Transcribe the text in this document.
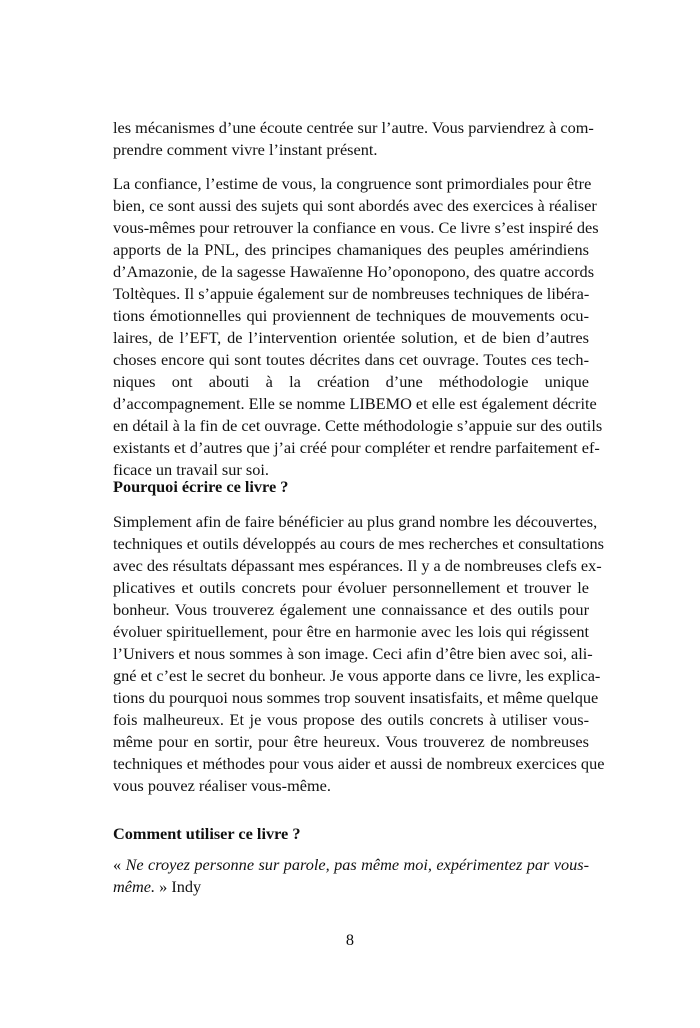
les mécanismes d’une écoute centrée sur l’autre. Vous parviendrez à com-
prendre comment vivre l’instant présent.
La confiance, l’estime de vous, la congruence sont primordiales pour être
bien, ce sont aussi des sujets qui sont abordés avec des exercices à réaliser
vous-mêmes pour retrouver la confiance en vous. Ce livre s’est inspiré des
apports de la PNL, des principes chamaniques des peuples amérindiens
d’Amazonie, de la sagesse Hawaïenne Ho’oponopono, des quatre accords
Toltèques. Il s’appuie également sur de nombreuses techniques de libéra-
tions émotionnelles qui proviennent de techniques de mouvements ocu-
laires, de l’EFT, de l’intervention orientée solution, et de bien d’autres
choses encore qui sont toutes décrites dans cet ouvrage. Toutes ces tech-
niques ont abouti à la création d’une méthodologie unique
d’accompagnement. Elle se nomme LIBEMO et elle est également décrite
en détail à la fin de cet ouvrage. Cette méthodologie s’appuie sur des outils
existants et d’autres que j’ai créé pour compléter et rendre parfaitement ef-
ficace un travail sur soi.
Pourquoi écrire ce livre ?
Simplement afin de faire bénéficier au plus grand nombre les découvertes,
techniques et outils développés au cours de mes recherches et consultations
avec des résultats dépassant mes espérances. Il y a de nombreuses clefs ex-
plicatives et outils concrets pour évoluer personnellement et trouver le
bonheur. Vous trouverez également une connaissance et des outils pour
évoluer spirituellement, pour être en harmonie avec les lois qui régissent
l’Univers et nous sommes à son image. Ceci afin d’être bien avec soi, ali-
gné et c’est le secret du bonheur. Je vous apporte dans ce livre, les explica-
tions du pourquoi nous sommes trop souvent insatisfaits, et même quelque
fois malheureux. Et je vous propose des outils concrets à utiliser vous-
même pour en sortir, pour être heureux. Vous trouverez de nombreuses
techniques et méthodes pour vous aider et aussi de nombreux exercices que
vous pouvez réaliser vous-même.
Comment utiliser ce livre ?
« Ne croyez personne sur parole, pas même moi, expérimentez par vous-
même. » Indy
8
